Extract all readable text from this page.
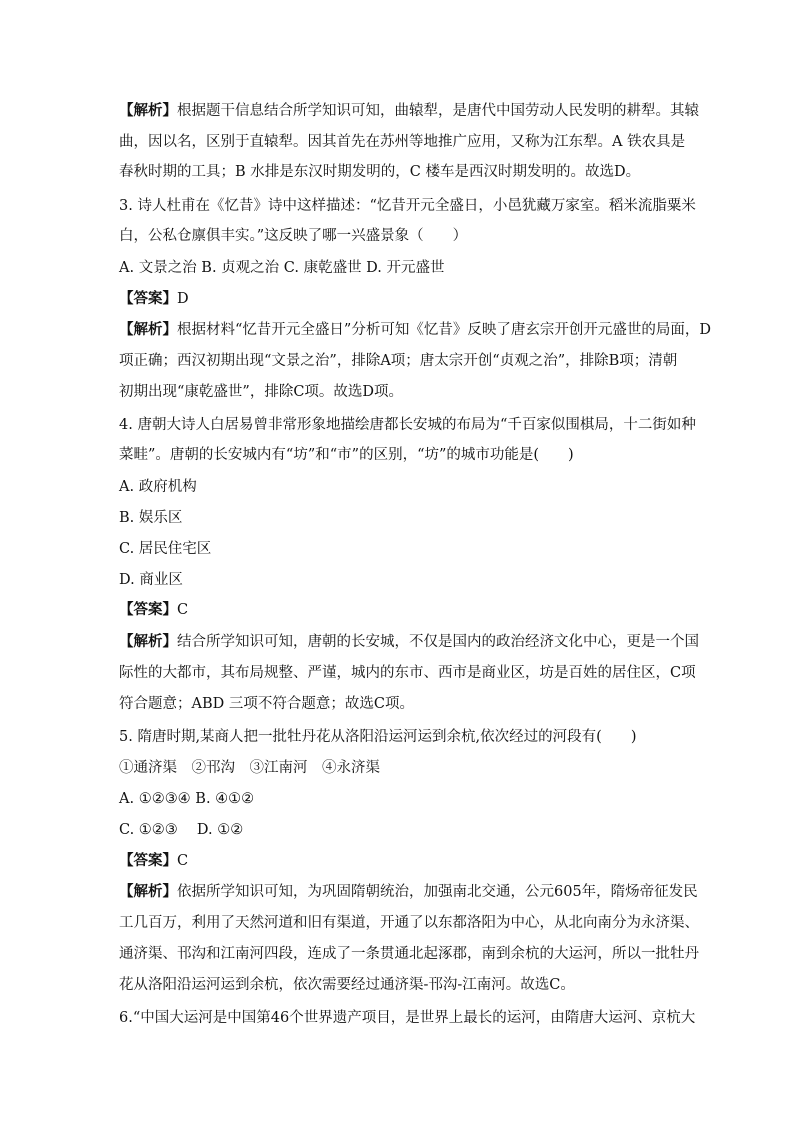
【解析】根据题干信息结合所学知识可知，曲辕犁，是唐代中国劳动人民发明的耕犁。其辕
曲，因以名，区别于直辕犁。因其首先在苏州等地推广应用，又称为江东犁。A 铁农具是
春秋时期的工具；B 水排是东汉时期发明的，C 楼车是西汉时期发明的。故选D。
3. 诗人杜甫在《忆昔》诗中这样描述：“忆昔开元全盛日，小邑犹藏万家室。稻米流脂粟米
白，公私仓廪俱丰实。”这反映了哪一兴盛景象（　　）
A. 文景之治 B. 贞观之治 C. 康乾盛世 D. 开元盛世
【答案】D
【解析】根据材料“忆昔开元全盛日”分析可知《忆昔》反映了唐玄宗开创开元盛世的局面，D
项正确；西汉初期出现“文景之治”，排除A项；唐太宗开创“贞观之治”，排除B项；清朝
初期出现“康乾盛世”，排除C项。故选D项。
4. 唐朝大诗人白居易曾非常形象地描绘唐都长安城的布局为“千百家似围棋局，十二街如种
菜畦”。唐朝的长安城内有“坊”和“市”的区别，“坊”的城市功能是(　　)
A. 政府机构
B. 娱乐区
C. 居民住宅区
D. 商业区
【答案】C
【解析】结合所学知识可知，唐朝的长安城，不仅是国内的政治经济文化中心，更是一个国
际性的大都市，其布局规整、严谨，城内的东市、西市是商业区，坊是百姓的居住区，C项
符合题意；ABD 三项不符合题意；故选C项。
5. 隋唐时期,某商人把一批牡丹花从洛阳沿运河运到余杭,依次经过的河段有(　　)
①通济渠　②邗沟　③江南河　④永济渠
A. ①②③④ B. ④①②
C. ①②③　 D. ①②
【答案】C
【解析】依据所学知识可知，为巩固隋朝统治，加强南北交通，公元605年，隋炀帝征发民
工几百万，利用了天然河道和旧有渠道，开通了以东都洛阳为中心，从北向南分为永济渠、
通济渠、邗沟和江南河四段，连成了一条贯通北起涿郡，南到余杭的大运河，所以一批牡丹
花从洛阳沿运河运到余杭，依次需要经过通济渠-邗沟-江南河。故选C。
6.“中国大运河是中国第46个世界遗产项目，是世界上最长的运河，由隋唐大运河、京杭大
